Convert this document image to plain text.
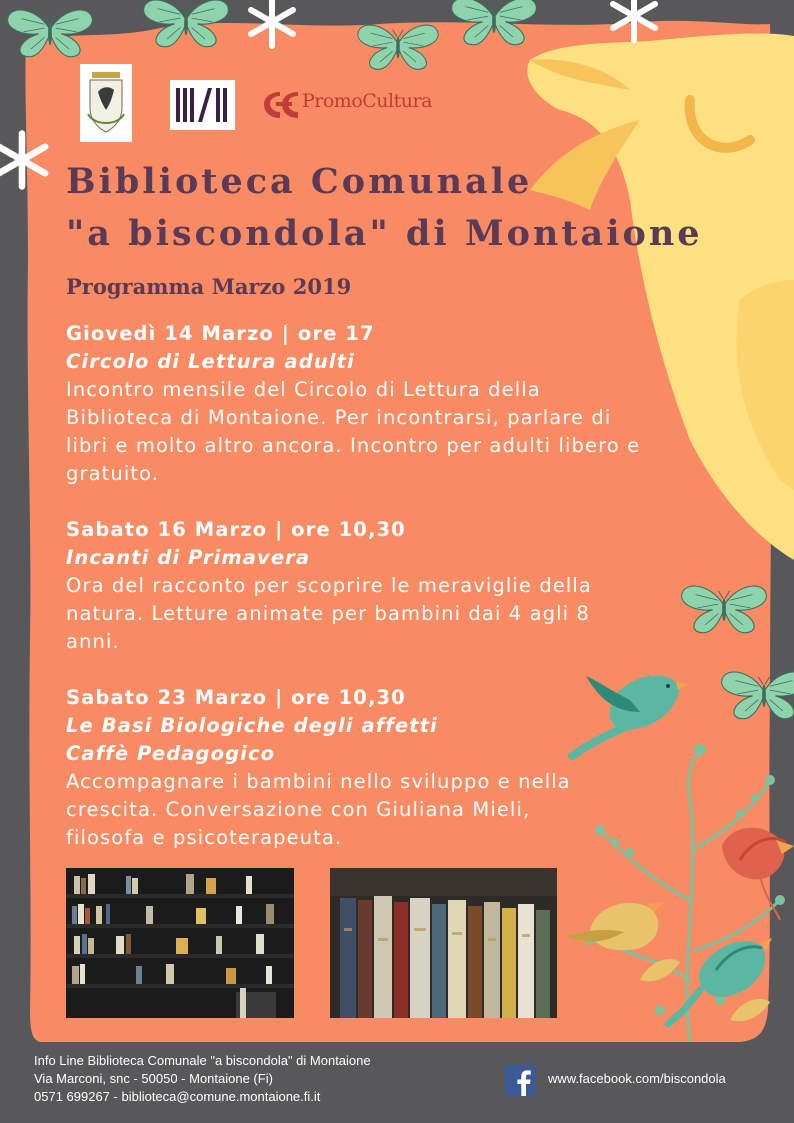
PromoCultura
Biblioteca Comunale
"a biscondola" di Montaione
Programma Marzo 2019
Giovedì 14 Marzo | ore 17
Circolo di Lettura adulti
Incontro mensile del Circolo di Lettura della Biblioteca di Montaione. Per incontrarsi, parlare di libri e molto altro ancora. Incontro per adulti libero e gratuito.
Sabato 16 Marzo | ore 10,30
Incanti di Primavera
Ora del racconto per scoprire le meraviglie della natura. Letture animate per bambini dai 4 agli 8 anni.
Sabato 23 Marzo | ore 10,30
Le Basi Biologiche degli affetti
Caffè Pedagogico
Accompagnare i bambini nello sviluppo e nella crescita. Conversazione con Giuliana Mieli, filosofa e psicoterapeuta.
Info Line Biblioteca Comunale "a biscondola" di Montaione
Via Marconi, snc - 50050 - Montaione (Fi)
0571 699267 - biblioteca@comune.montaione.fi.it
www.facebook.com/biscondola
